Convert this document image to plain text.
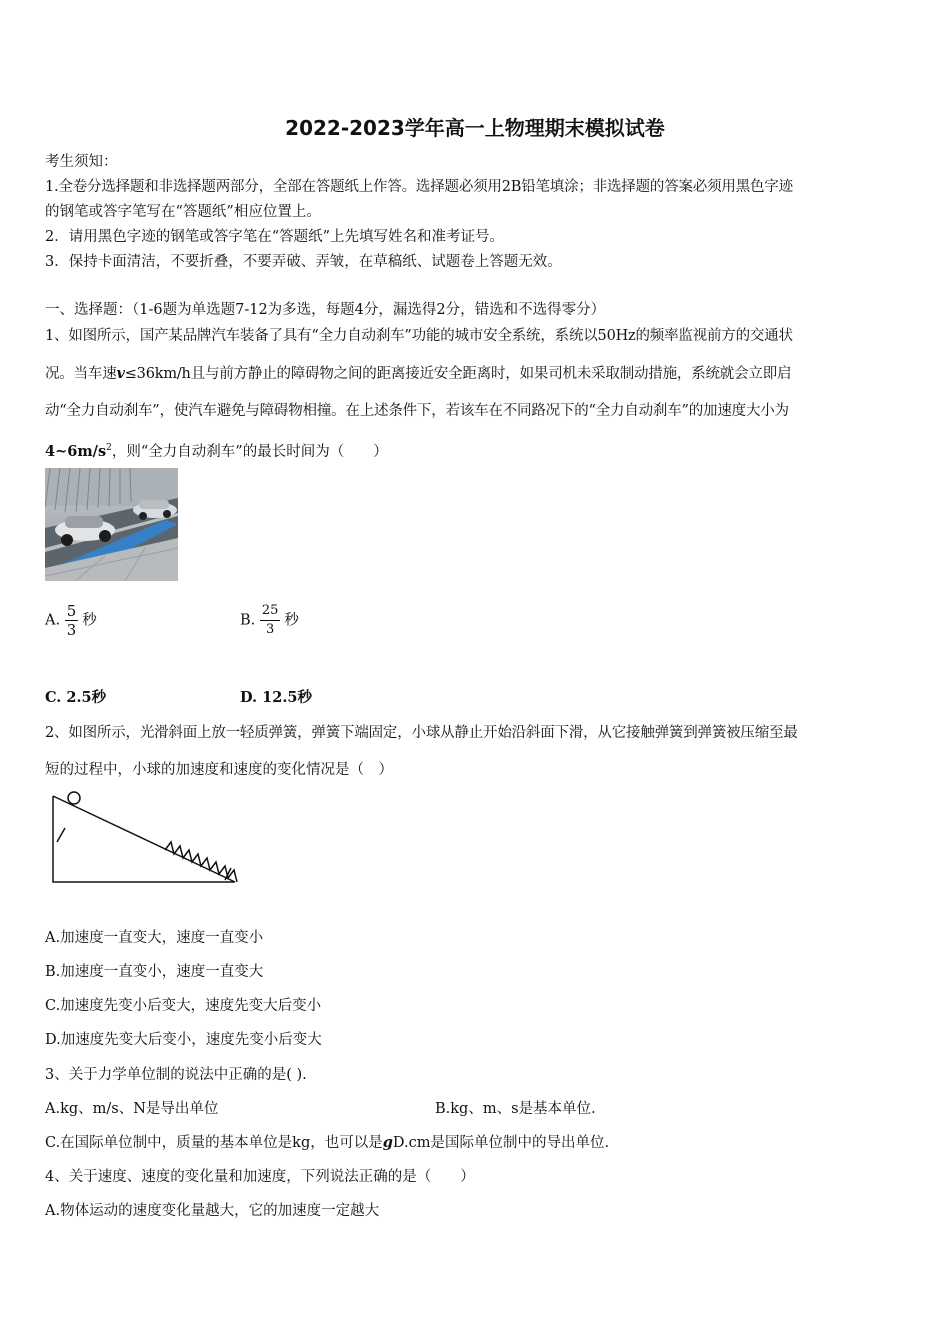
2022-2023学年高一上物理期末模拟试卷
考生须知：
1.全卷分选择题和非选择题两部分，全部在答题纸上作答。选择题必须用2B铅笔填涂；非选择题的答案必须用黑色字迹
的钢笔或答字笔写在“答题纸”相应位置上。
2．请用黑色字迹的钢笔或答字笔在“答题纸”上先填写姓名和准考证号。
3．保持卡面清洁，不要折叠，不要弄破、弄皱，在草稿纸、试题卷上答题无效。
一、选择题：（1-6题为单选题7-12为多选，每题4分，漏选得2分，错选和不选得零分）
1、如图所示，国产某品牌汽车装备了具有“全力自动刹车”功能的城市安全系统，系统以50Hz的频率监视前方的交通状
况。当车速v≤36km/h且与前方静止的障碍物之间的距离接近安全距离时，如果司机未采取制动措施，系统就会立即启
动“全力自动刹车”，使汽车避免与障碍物相撞。在上述条件下，若该车在不同路况下的“全力自动刹车”的加速度大小为
$4\sim 6m/s^2$，则“全力自动刹车”的最长时间为（　　）
A. $\frac{5}{3}$ 秒	B. $\frac{25}{3}$ 秒
C. 2.5秒	D. 12.5秒
2、如图所示，光滑斜面上放一轻质弹簧，弹簧下端固定，小球从静止开始沿斜面下滑，从它接触弹簧到弹簧被压缩至最
短的过程中，小球的加速度和速度的变化情况是（　）
A.加速度一直变大，速度一直变小
B.加速度一直变小，速度一直变大
C.加速度先变小后变大，速度先变大后变小
D.加速度先变大后变小，速度先变小后变大
3、关于力学单位制的说法中正确的是( ).
A.kg、m/s、N是导出单位	B.kg、m、s是基本单位.
C.在国际单位制中，质量的基本单位是kg，也可以是gD.cm是国际单位制中的导出单位.
4、关于速度、速度的变化量和加速度，下列说法正确的是（　　）
A.物体运动的速度变化量越大，它的加速度一定越大
